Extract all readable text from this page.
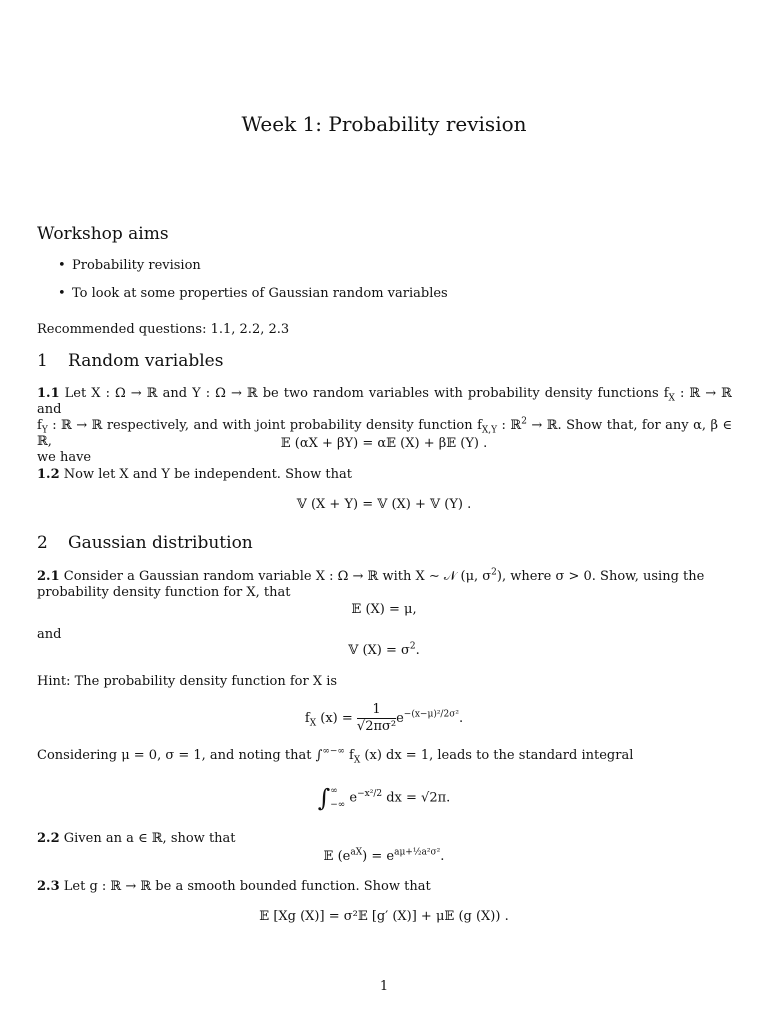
Week 1: Probability revision
Workshop aims
• Probability revision
• To look at some properties of Gaussian random variables
Recommended questions: 1.1, 2.2, 2.3
1 Random variables
1.1 Let X : Ω → ℝ and Y : Ω → ℝ be two random variables with probability density functions $f_X$ : ℝ → ℝ and
$f_Y$ : ℝ → ℝ respectively, and with joint probability density function $f_{X,Y}$ : ℝ$^2$ → ℝ. Show that, for any α, β ∈ ℝ,
we have
𝔼 (αX + βY) = α𝔼 (X) + β𝔼 (Y) .
1.2 Now let X and Y be independent. Show that
𝕍 (X + Y) = 𝕍 (X) + 𝕍 (Y) .
2 Gaussian distribution
2.1 Consider a Gaussian random variable X : Ω → ℝ with X ∼ 𝒩 (μ, $\sigma^2$), where σ > 0. Show, using the
probability density function for X, that
𝔼 (X) = μ,
and
𝕍 $(X) = \sigma^2$.
Hint: The probability density function for X is
$f_X$ $(x) = \frac{1}{\text{√2πσ²}} e^{-(x-\mu)^2/2\sigma^2}$.
Considering μ = 0, σ = 1, and noting that ∫∞−∞ $f_X$ (x) dx = 1, leads to the standard integral
∫ ∞
−∞ $e^{-x^2/2}$ dx = √2π.
2.2 Given an a ∈ ℝ, show that
𝔼 $(e^{aX}) = e^{a\mu+\frac{1}{2}a^2\sigma^2}$.
2.3 Let g : ℝ → ℝ be a smooth bounded function. Show that
𝔼 [Xg (X)] = σ²𝔼 [g′ (X)] + μ𝔼 (g (X)) .
1
